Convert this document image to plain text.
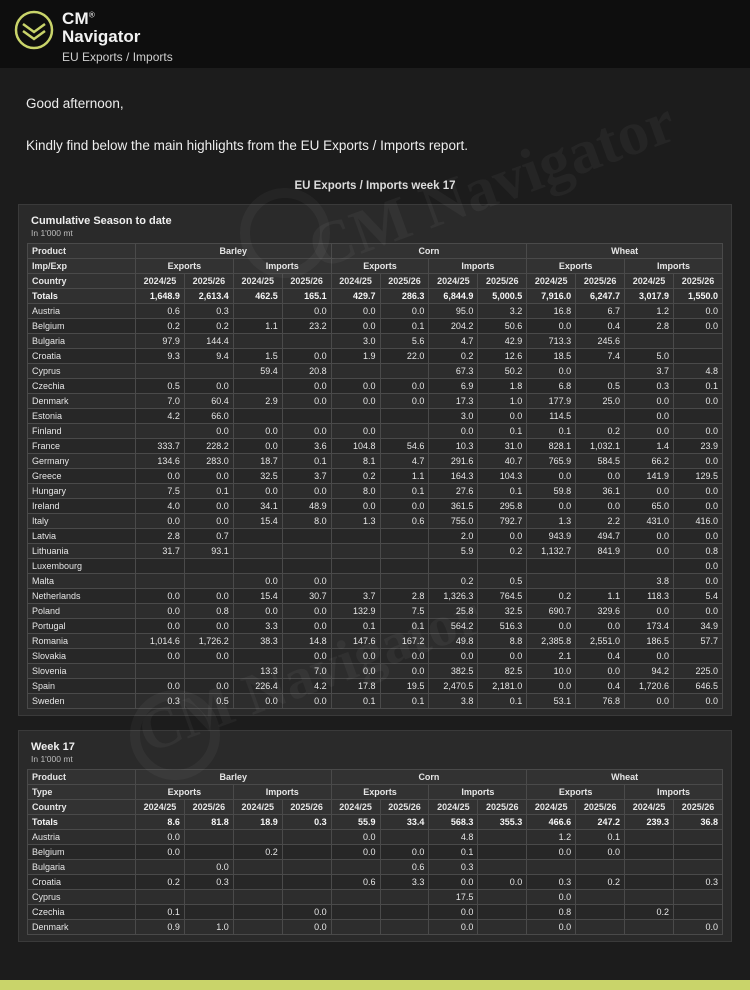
CM®
Navigator
EU Exports / Imports

Good afternoon,

Kindly find below the main highlights from the EU Exports / Imports report.

EU Exports / Imports week 17
Cumulative Season to date
In 1'000 mt
Product	Barley				Corn				Wheat			
Imp/Exp	Exports		Imports		Exports		Imports		Exports		Imports	
Country	2024/25	2025/26	2024/25	2025/26	2024/25	2025/26	2024/25	2025/26	2024/25	2025/26	2024/25	2025/26
Totals	1,648.9	2,613.4	462.5	165.1	429.7	286.3	6,844.9	5,000.5	7,916.0	6,247.7	3,017.9	1,550.0
Austria	0.6	0.3		0.0	0.0	0.0	95.0	3.2	16.8	6.7	1.2	0.0
Belgium	0.2	0.2	1.1	23.2	0.0	0.1	204.2	50.6	0.0	0.4	2.8	0.0
Bulgaria	97.9	144.4			3.0	5.6	4.7	42.9	713.3	245.6		
Croatia	9.3	9.4	1.5	0.0	1.9	22.0	0.2	12.6	18.5	7.4	5.0	
Cyprus			59.4	20.8			67.3	50.2	0.0		3.7	4.8
Czechia	0.5	0.0		0.0	0.0	0.0	6.9	1.8	6.8	0.5	0.3	0.1
Denmark	7.0	60.4	2.9	0.0	0.0	0.0	17.3	1.0	177.9	25.0	0.0	0.0
Estonia	4.2	66.0					3.0	0.0	114.5		0.0	
Finland		0.0	0.0	0.0	0.0		0.0	0.1	0.1	0.2	0.0	0.0
France	333.7	228.2	0.0	3.6	104.8	54.6	10.3	31.0	828.1	1,032.1	1.4	23.9
Germany	134.6	283.0	18.7	0.1	8.1	4.7	291.6	40.7	765.9	584.5	66.2	0.0
Greece	0.0	0.0	32.5	3.7	0.2	1.1	164.3	104.3	0.0	0.0	141.9	129.5
Hungary	7.5	0.1	0.0	0.0	8.0	0.1	27.6	0.1	59.8	36.1	0.0	0.0
Ireland	4.0	0.0	34.1	48.9	0.0	0.0	361.5	295.8	0.0	0.0	65.0	0.0
Italy	0.0	0.0	15.4	8.0	1.3	0.6	755.0	792.7	1.3	2.2	431.0	416.0
Latvia	2.8	0.7					2.0	0.0	943.9	494.7	0.0	0.0
Lithuania	31.7	93.1					5.9	0.2	1,132.7	841.9	0.0	0.8
Luxembourg												0.0
Malta			0.0	0.0			0.2	0.5			3.8	0.0
Netherlands	0.0	0.0	15.4	30.7	3.7	2.8	1,326.3	764.5	0.2	1.1	118.3	5.4
Poland	0.0	0.8	0.0	0.0	132.9	7.5	25.8	32.5	690.7	329.6	0.0	0.0
Portugal	0.0	0.0	3.3	0.0	0.1	0.1	564.2	516.3	0.0	0.0	173.4	34.9
Romania	1,014.6	1,726.2	38.3	14.8	147.6	167.2	49.8	8.8	2,385.8	2,551.0	186.5	57.7
Slovakia	0.0	0.0		0.0	0.0	0.0	0.0	0.0	2.1	0.4	0.0	
Slovenia			13.3	7.0	0.0	0.0	382.5	82.5	10.0	0.0	94.2	225.0
Spain	0.0	0.0	226.4	4.2	17.8	19.5	2,470.5	2,181.0	0.0	0.4	1,720.6	646.5
Sweden	0.3	0.5	0.0	0.0	0.1	0.1	3.8	0.1	53.1	76.8	0.0	0.0
Week 17
In 1'000 mt
Product	Barley				Corn				Wheat			
Type	Exports		Imports		Exports		Imports		Exports		Imports	
Country	2024/25	2025/26	2024/25	2025/26	2024/25	2025/26	2024/25	2025/26	2024/25	2025/26	2024/25	2025/26
Totals	8.6	81.8	18.9	0.3	55.9	33.4	568.3	355.3	466.6	247.2	239.3	36.8
Austria	0.0				0.0		4.8		1.2	0.1		
Belgium	0.0		0.2		0.0	0.0	0.1		0.0	0.0		
Bulgaria		0.0				0.6	0.3					
Croatia	0.2	0.3			0.6	3.3	0.0	0.0	0.3	0.2		0.3
Cyprus							17.5		0.0			
Czechia	0.1			0.0			0.0		0.8		0.2	
Denmark	0.9	1.0		0.0			0.0		0.0			0.0
